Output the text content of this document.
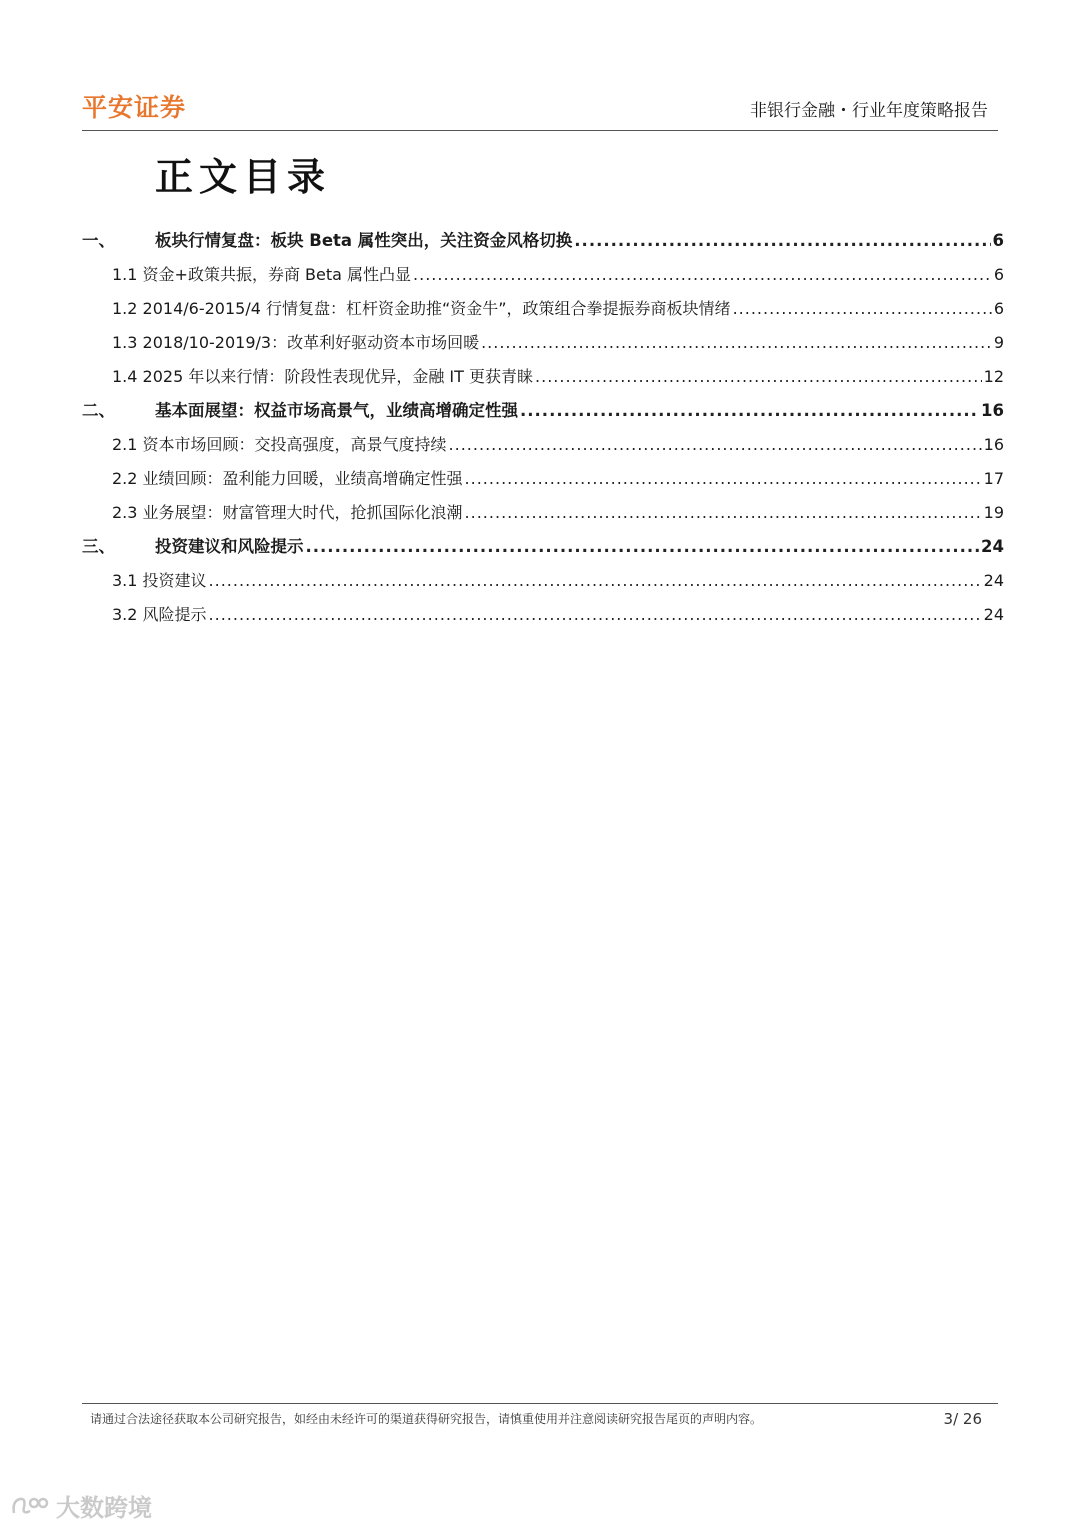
平安证券	非银行金融・行业年度策略报告
正文目录
一、	板块行情复盘：板块 Beta 属性突出，关注资金风格切换 .....	6
1.1 资金+政策共振，券商 Beta 属性凸显 .....	6
1.2 2014/6-2015/4 行情复盘：杠杆资金助推“资金牛”，政策组合拳提振券商板块情绪 .....	6
1.3 2018/10-2019/3：改革利好驱动资本市场回暖 .....	9
1.4 2025 年以来行情：阶段性表现优异，金融 IT 更获青睐 .....	12
二、	基本面展望：权益市场高景气，业绩高增确定性强 .....	16
2.1 资本市场回顾：交投高强度，高景气度持续 .....	16
2.2 业绩回顾：盈利能力回暖，业绩高增确定性强 .....	17
2.3 业务展望：财富管理大时代，抢抓国际化浪潮 .....	19
三、	投资建议和风险提示 .....	24
3.1 投资建议 .....	24
3.2 风险提示 .....	24
请通过合法途径获取本公司研究报告，如经由未经许可的渠道获得研究报告，请慎重使用并注意阅读研究报告尾页的声明内容。	3/ 26
大数跨境
